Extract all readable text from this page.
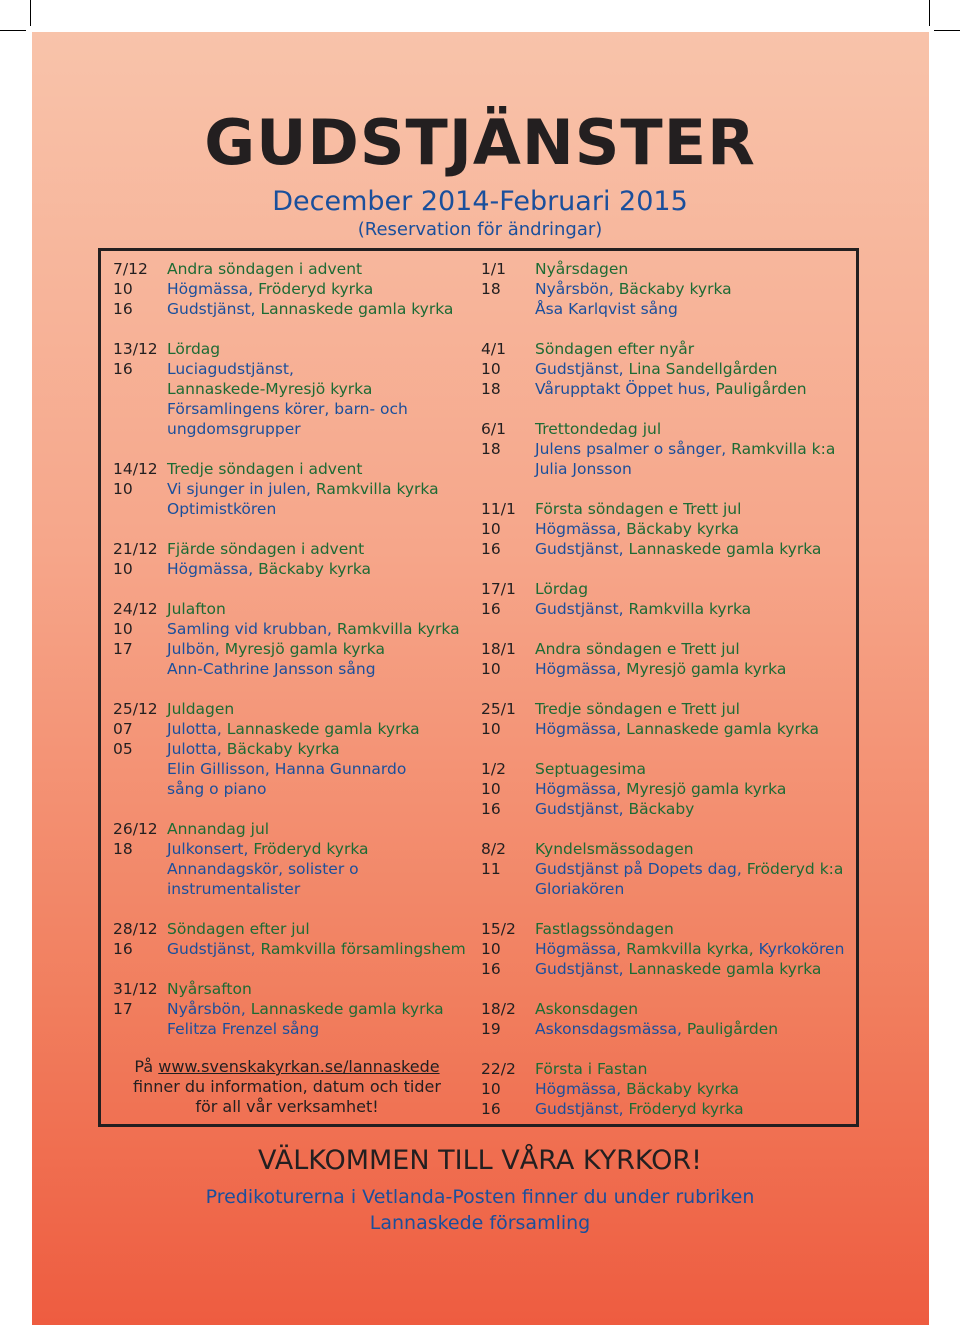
GUDSTJÄNSTER
December 2014-Februari 2015
(Reservation för ändringar)
7/12	Andra söndagen i advent
10	Högmässa, Fröderyd kyrka
16	Gudstjänst, Lannaskede gamla kyrka
13/12 Lördag
16	Luciagudstjänst,
Lannaskede-Myresjö kyrka
Församlingens körer, barn- och
ungdomsgrupper
14/12 Tredje söndagen i advent
10	Vi sjunger in julen, Ramkvilla kyrka
Optimistkören
21/12 Fjärde söndagen i advent
10	Högmässa, Bäckaby kyrka
24/12 Julafton
10	Samling vid krubban, Ramkvilla kyrka
17	Julbön, Myresjö gamla kyrka
Ann-Cathrine Jansson sång
25/12 Juldagen
07	Julotta, Lannaskede gamla kyrka
05	Julotta, Bäckaby kyrka
Elin Gillisson, Hanna Gunnardo
sång o piano
26/12 Annandag jul
18	Julkonsert, Fröderyd kyrka
Annandagskör, solister o
instrumentalister
28/12 Söndagen efter jul
16	Gudstjänst, Ramkvilla församlingshem
31/12 Nyårsafton
17	Nyårsbön, Lannaskede gamla kyrka
Felitza Frenzel sång
1/1	Nyårsdagen
18	Nyårsbön, Bäckaby kyrka
Åsa Karlqvist sång
4/1	Söndagen efter nyår
10	Gudstjänst, Lina Sandellgården
18	Vårupptakt Öppet hus, Pauligården
6/1	Trettondedag jul
18	Julens psalmer o sånger, Ramkvilla k:a
Julia Jonsson
11/1	Första söndagen e Trett jul
10	Högmässa, Bäckaby kyrka
16	Gudstjänst, Lannaskede gamla kyrka
17/1	Lördag
16	Gudstjänst, Ramkvilla kyrka
18/1	Andra söndagen e Trett jul
10	Högmässa, Myresjö gamla kyrka
25/1	Tredje söndagen e Trett jul
10	Högmässa, Lannaskede gamla kyrka
1/2	Septuagesima
10	Högmässa, Myresjö gamla kyrka
16	Gudstjänst, Bäckaby
8/2	Kyndelsmässodagen
11	Gudstjänst på Dopets dag, Fröderyd k:a
Gloriakören
15/2	Fastlagssöndagen
10	Högmässa, Ramkvilla kyrka, Kyrkokören
16	Gudstjänst, Lannaskede gamla kyrka
18/2	Askonsdagen
19	Askonsdagsmässa, Pauligården
22/2	Första i Fastan
10	Högmässa, Bäckaby kyrka
16	Gudstjänst, Fröderyd kyrka
På www.svenskakyrkan.se/lannaskede
finner du information, datum och tider
för all vår verksamhet!
VÄLKOMMEN TILL VÅRA KYRKOR!
Predikoturerna i Vetlanda-Posten finner du under rubriken
Lannaskede församling
